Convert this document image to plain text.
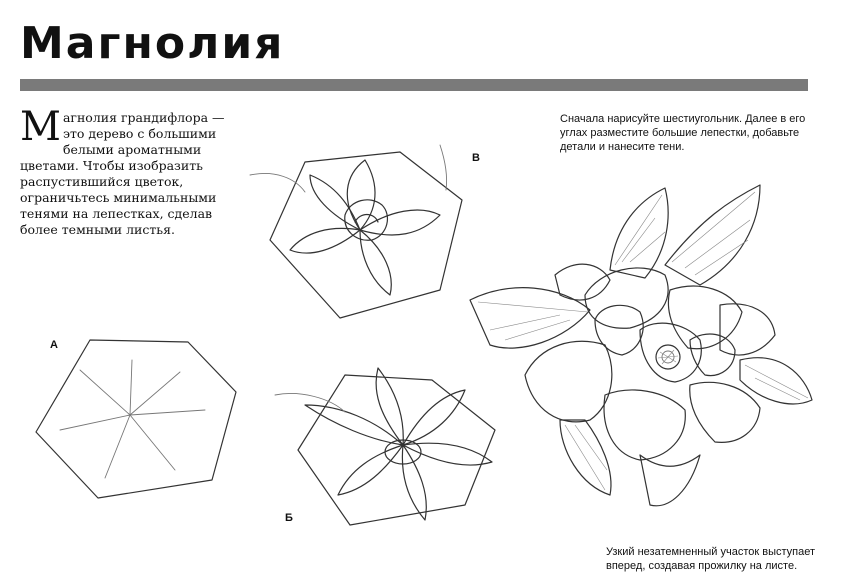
Магнолия
М агнолия грандифлора — это дерево с большими белыми ароматными цветами. Чтобы изобразить распустившийся цветок, ограничьтесь минимальными тенями на лепестках, сделав более темными листья.
Сначала нарисуйте шестиугольник. Далее в его углах разместите большие лепестки, добавьте детали и нанесите тени.
Узкий незатемненный участок выступает вперед, создавая прожилку на листе.
А
Б
В
